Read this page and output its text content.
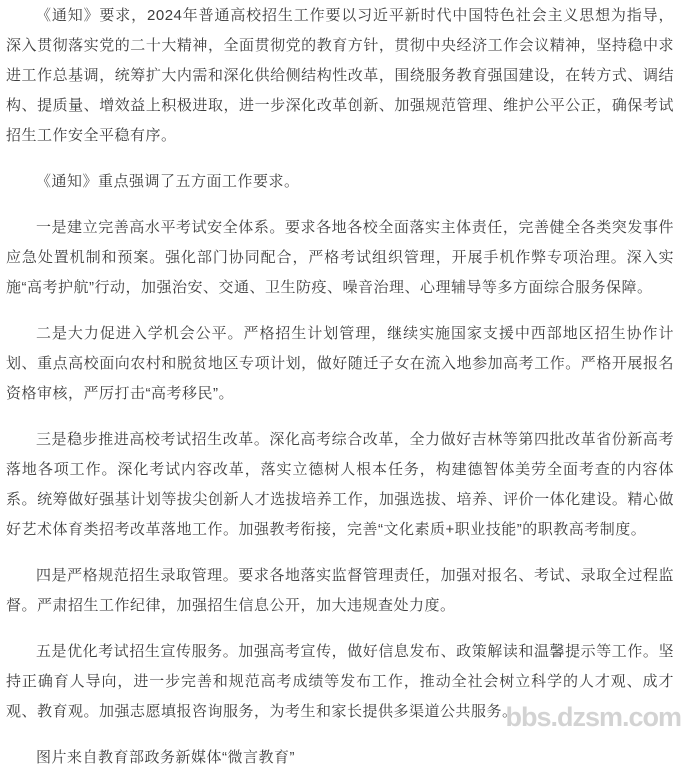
《通知》要求，2024年普通高校招生工作要以习近平新时代中国特色社会主义思想为指导，深入贯彻落实党的二十大精神，全面贯彻党的教育方针，贯彻中央经济工作会议精神，坚持稳中求进工作总基调，统筹扩大内需和深化供给侧结构性改革，围绕服务教育强国建设，在转方式、调结构、提质量、增效益上积极进取，进一步深化改革创新、加强规范管理、维护公平公正，确保考试招生工作安全平稳有序。

《通知》重点强调了五方面工作要求。

一是建立完善高水平考试安全体系。要求各地各校全面落实主体责任，完善健全各类突发事件应急处置机制和预案。强化部门协同配合，严格考试组织管理，开展手机作弊专项治理。深入实施“高考护航”行动，加强治安、交通、卫生防疫、噪音治理、心理辅导等多方面综合服务保障。

二是大力促进入学机会公平。严格招生计划管理，继续实施国家支援中西部地区招生协作计划、重点高校面向农村和脱贫地区专项计划，做好随迁子女在流入地参加高考工作。严格开展报名资格审核，严厉打击“高考移民”。

三是稳步推进高校考试招生改革。深化高考综合改革，全力做好吉林等第四批改革省份新高考落地各项工作。深化考试内容改革，落实立德树人根本任务，构建德智体美劳全面考查的内容体系。统筹做好强基计划等拔尖创新人才选拔培养工作，加强选拔、培养、评价一体化建设。精心做好艺术体育类招考改革落地工作。加强教考衔接，完善“文化素质+职业技能”的职教高考制度。

四是严格规范招生录取管理。要求各地落实监督管理责任，加强对报名、考试、录取全过程监督。严肃招生工作纪律，加强招生信息公开，加大违规查处力度。

五是优化考试招生宣传服务。加强高考宣传，做好信息发布、政策解读和温馨提示等工作。坚持正确育人导向，进一步完善和规范高考成绩等发布工作，推动全社会树立科学的人才观、成才观、教育观。加强志愿填报咨询服务，为考生和家长提供多渠道公共服务。

图片来自教育部政务新媒体“微言教育”

bbs.dzsm.com
